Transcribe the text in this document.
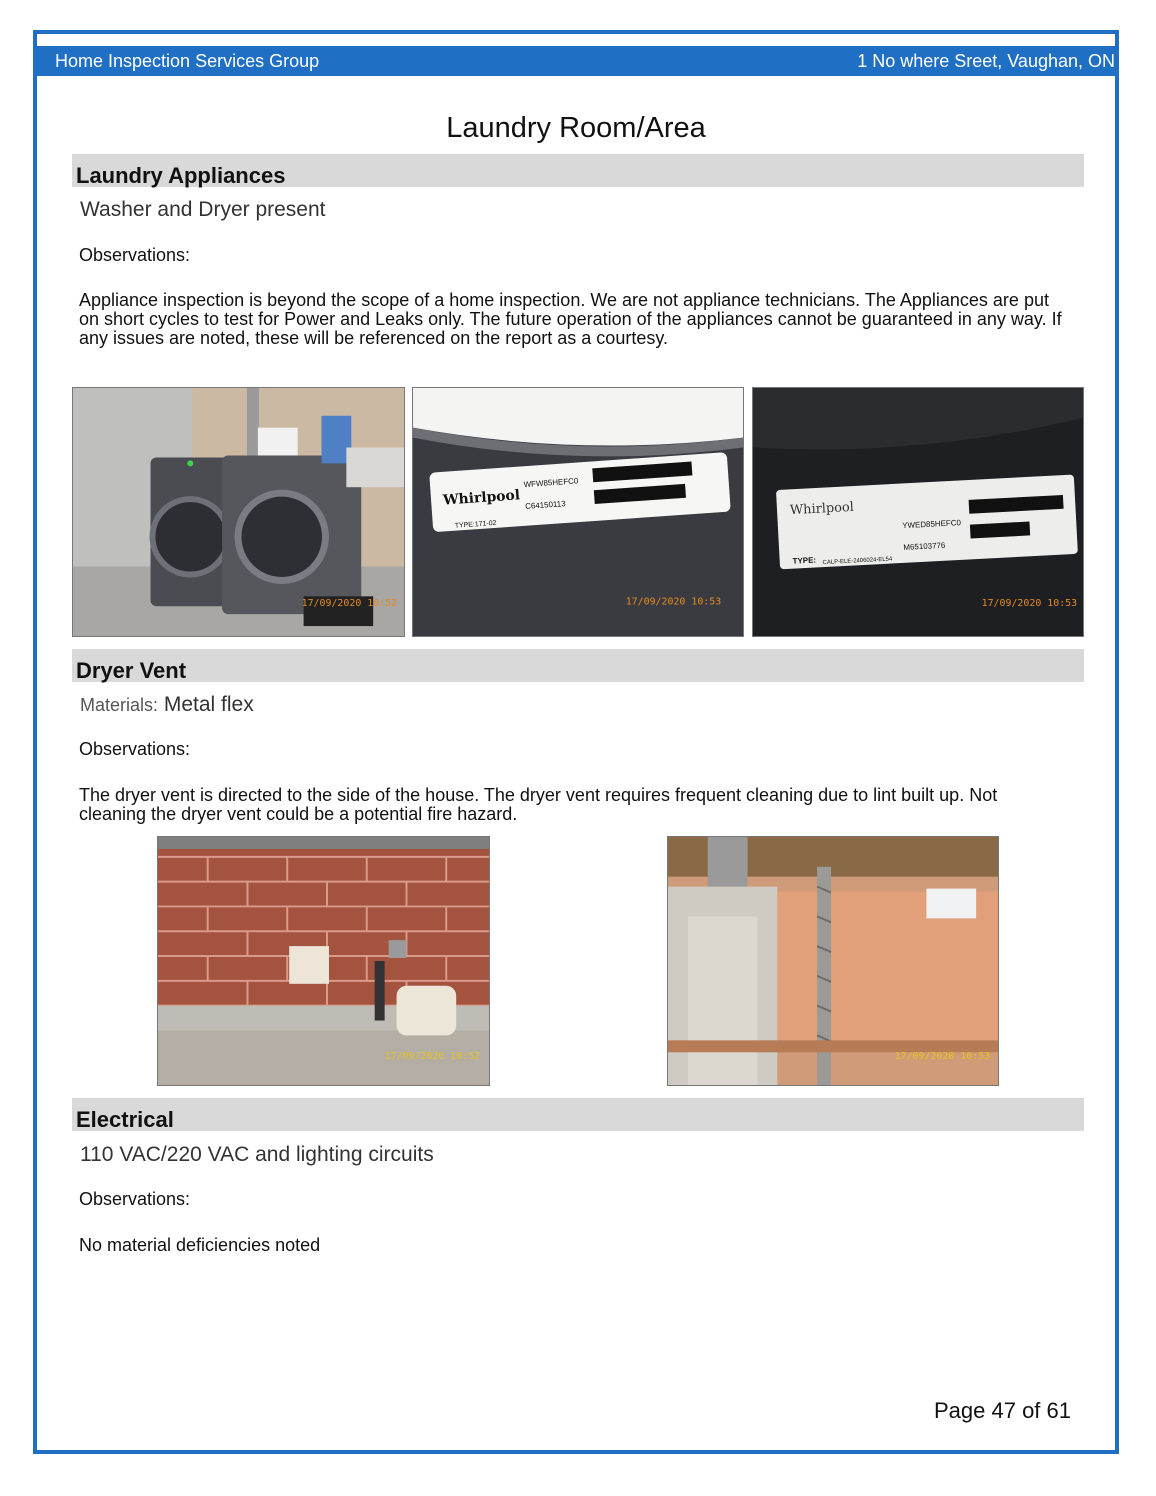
Home Inspection Services Group	1 No where Sreet, Vaughan, ON
Laundry Room/Area
Laundry Appliances
Washer and Dryer present
Observations:
Appliance inspection is beyond the scope of a home inspection. We are not appliance technicians. The Appliances are put on short cycles to test for Power and Leaks only. The future operation of the appliances cannot be guaranteed in any way. If any issues are noted, these will be referenced on the report as a courtesy.
17/09/2020 10:52
Whirlpool
WFW85HEFC0
C64150113
TYPE:171-02
17/09/2020 10:53
Whirlpool
YWED85HEFC0
M65103776
TYPE: CALP-ELE-2406024-EL54
17/09/2020 10:53
Dryer Vent
Materials: Metal flex
Observations:
The dryer vent is directed to the side of the house. The dryer vent requires frequent cleaning due to lint built up. Not cleaning the dryer vent could be a potential fire hazard.
17/09/2020 10:52	17/09/2020 10:53
Electrical
110 VAC/220 VAC and lighting circuits
Observations:
No material deficiencies noted
Page 47 of 61
